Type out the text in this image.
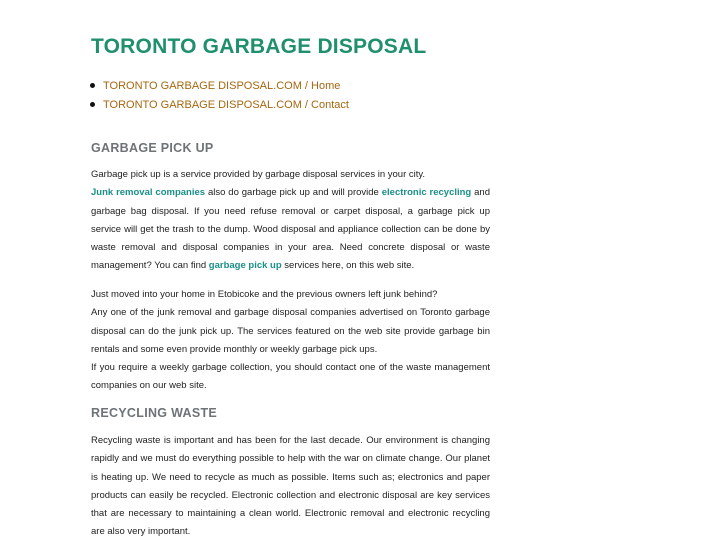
TORONTO GARBAGE DISPOSAL
TORONTO GARBAGE DISPOSAL.COM / Home
TORONTO GARBAGE DISPOSAL.COM / Contact
GARBAGE PICK UP

Garbage pick up is a service provided by garbage disposal services in your city.
Junk removal companies also do garbage pick up and will provide electronic recycling and garbage bag disposal. If you need refuse removal or carpet disposal, a garbage pick up service will get the trash to the dump. Wood disposal and appliance collection can be done by waste removal and disposal companies in your area. Need concrete disposal or waste management? You can find garbage pick up services here, on this web site.

Just moved into your home in Etobicoke and the previous owners left junk behind?
Any one of the junk removal and garbage disposal companies advertised on Toronto garbage disposal can do the junk pick up. The services featured on the web site provide garbage bin rentals and some even provide monthly or weekly garbage pick ups.
If you require a weekly garbage collection, you should contact one of the waste management companies on our web site.

RECYCLING WASTE

Recycling waste is important and has been for the last decade. Our environment is changing rapidly and we must do everything possible to help with the war on climate change. Our planet is heating up. We need to recycle as much as possible. Items such as; electronics and paper products can easily be recycled. Electronic collection and electronic disposal are key services that are necessary to maintaining a clean world. Electronic removal and electronic recycling are also very important.
